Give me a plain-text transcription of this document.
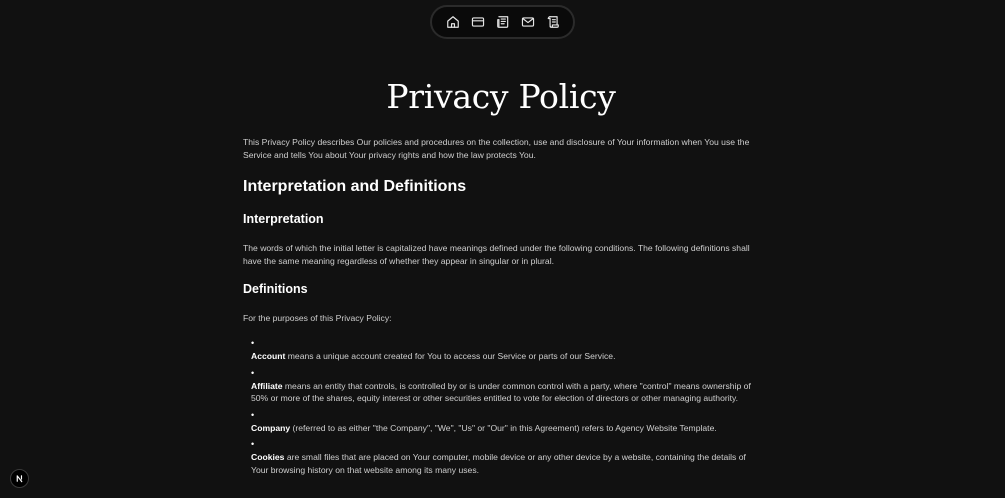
Privacy Policy

This Privacy Policy describes Our policies and procedures on the collection, use and disclosure of Your information when You use the Service and tells You about Your privacy rights and how the law protects You.

Interpretation and Definitions
Interpretation

The words of which the initial letter is capitalized have meanings defined under the following conditions. The following definitions shall have the same meaning regardless of whether they appear in singular or in plural.

Definitions

For the purposes of this Privacy Policy:

•

Account means a unique account created for You to access our Service or parts of our Service.

•

Affiliate means an entity that controls, is controlled by or is under common control with a party, where "control" means ownership of 50% or more of the shares, equity interest or other securities entitled to vote for election of directors or other managing authority.

•

Company (referred to as either "the Company", "We", "Us" or "Our" in this Agreement) refers to Agency Website Template.

•

Cookies are small files that are placed on Your computer, mobile device or any other device by a website, containing the details of Your browsing history on that website among its many uses.
